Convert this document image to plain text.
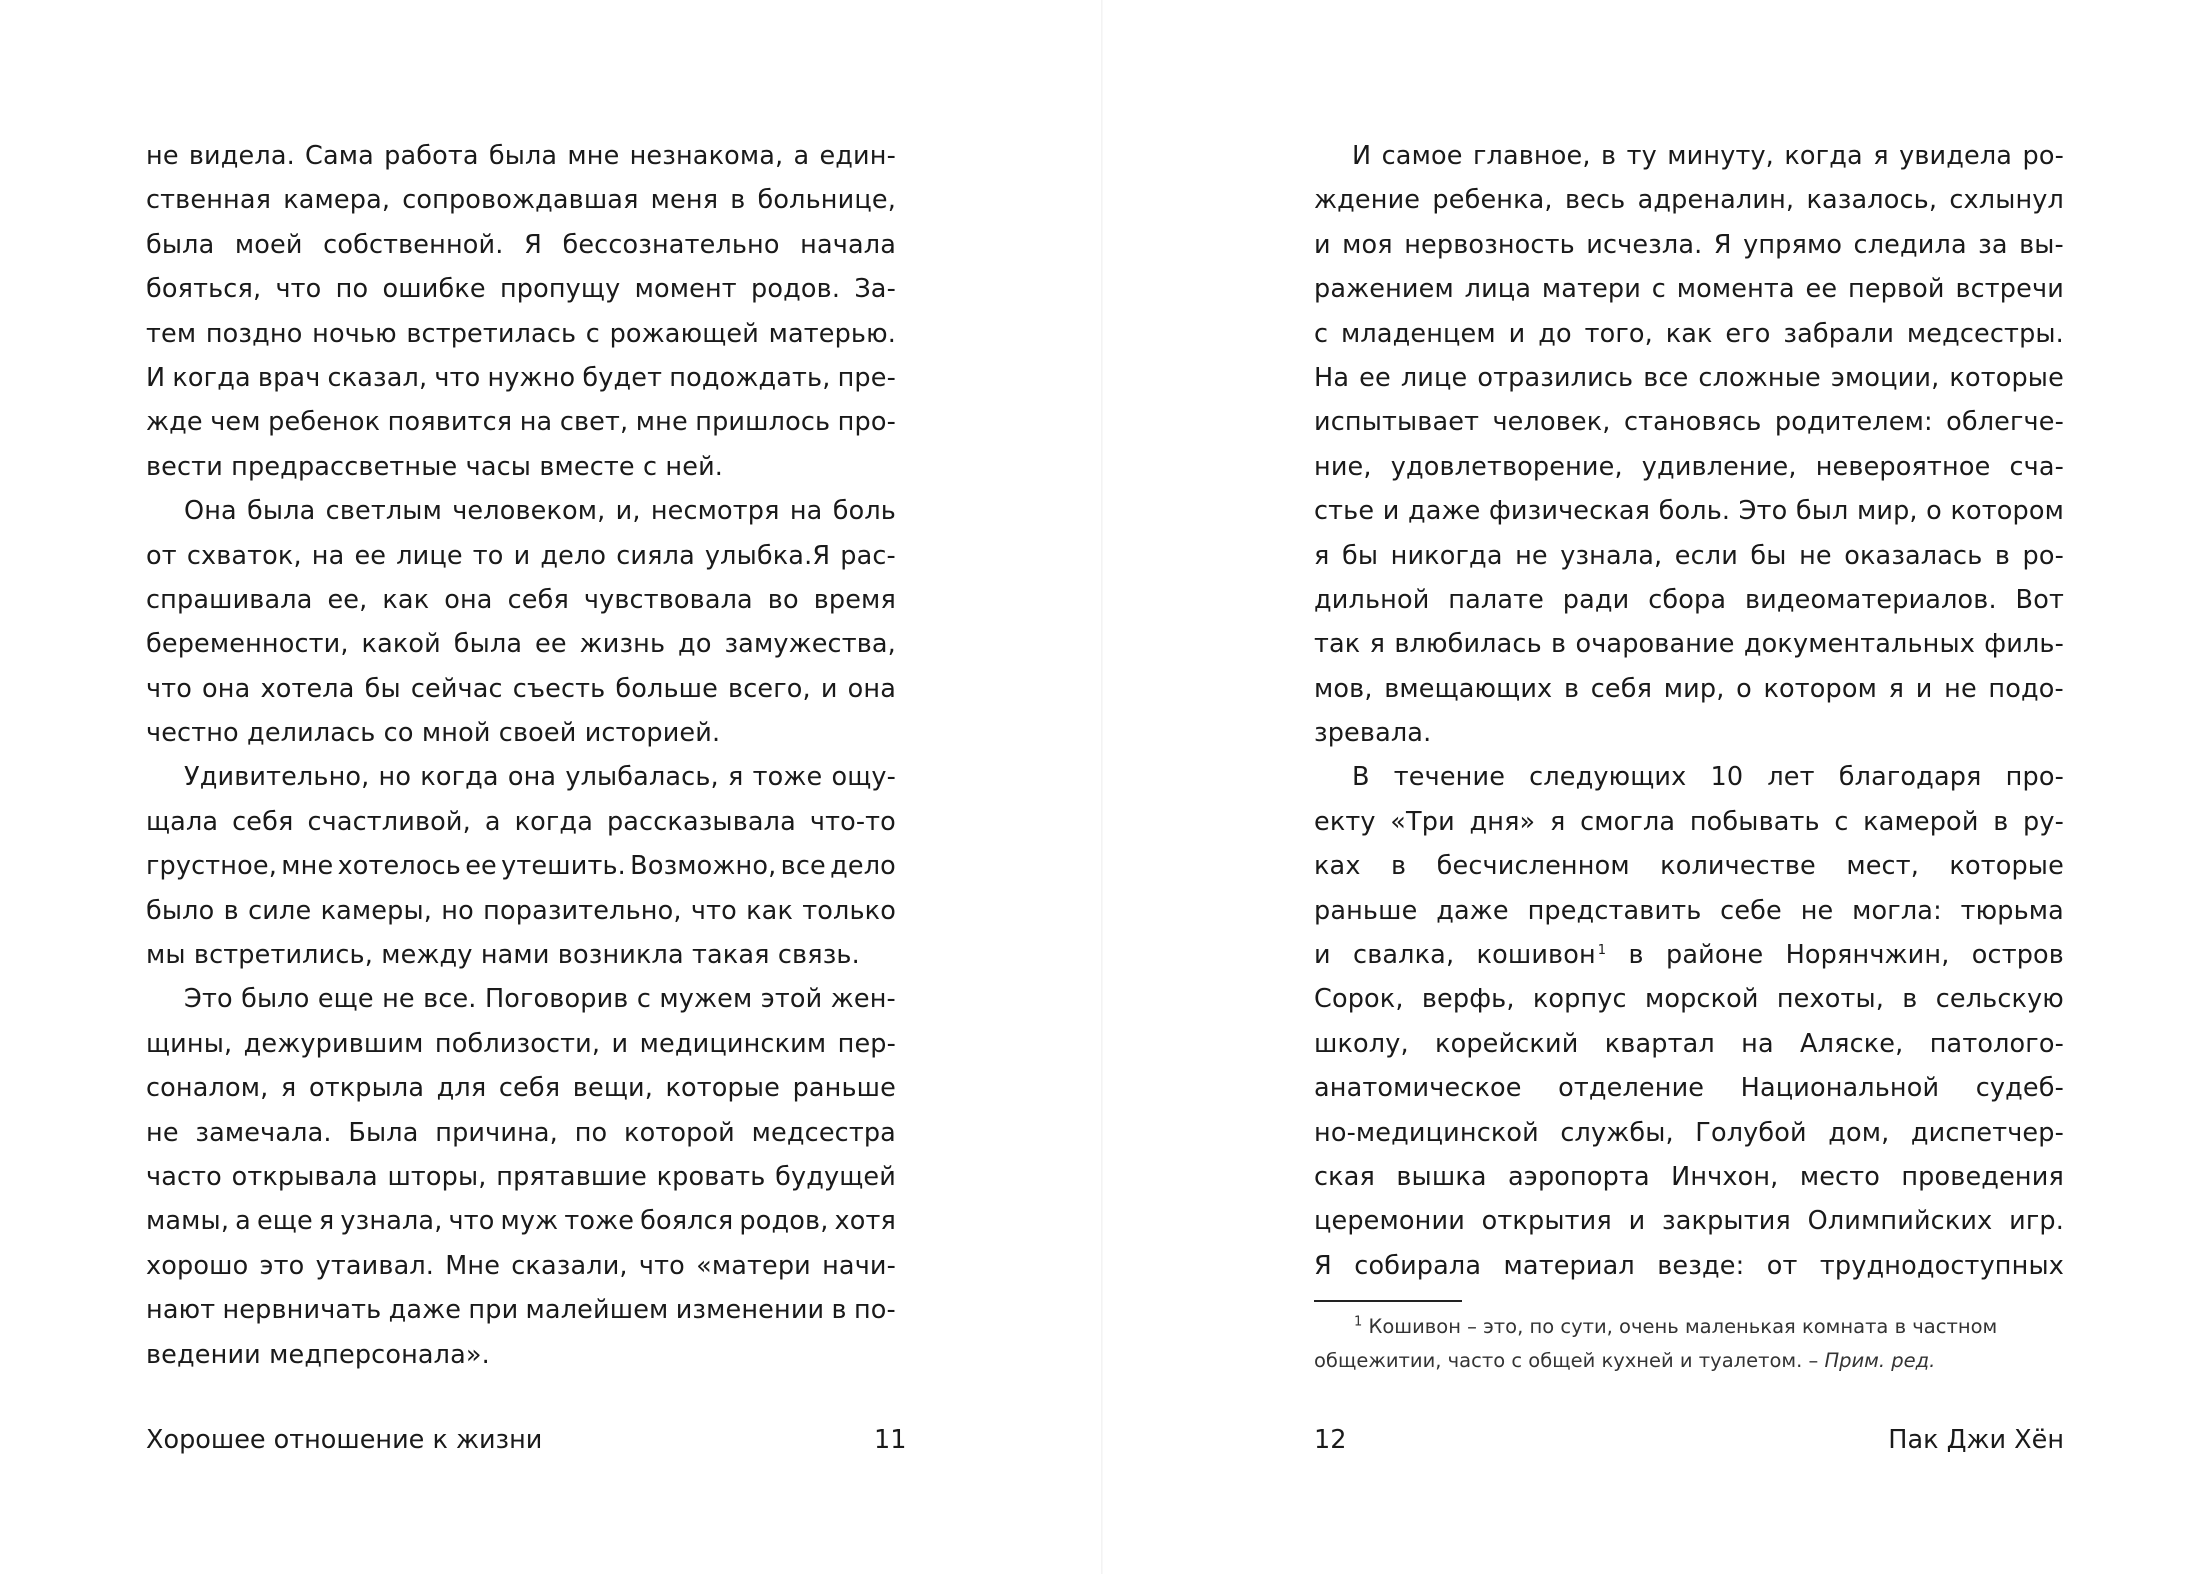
не видела. Сама работа была мне незнакома, а един-
ственная камера, сопровождавшая меня в больнице,
была моей собственной. Я бессознательно начала
бояться, что по ошибке пропущу момент родов. За-
тем поздно ночью встретилась с рожающей матерью.
И когда врач сказал, что нужно будет подождать, пре-
жде чем ребенок появится на свет, мне пришлось про-
вести предрассветные часы вместе с ней.
Она была светлым человеком, и, несмотря на боль
от схваток, на ее лице то и дело сияла улыбка.Я рас-
спрашивала ее, как она себя чувствовала во время
беременности, какой была ее жизнь до замужества,
что она хотела бы сейчас съесть больше всего, и она
честно делилась со мной своей историей.
Удивительно, но когда она улыбалась, я тоже ощу-
щала себя счастливой, а когда рассказывала что-то
грустное, мне хотелось ее утешить. Возможно, все дело
было в силе камеры, но поразительно, что как только
мы встретились, между нами возникла такая связь.
Это было еще не все. Поговорив с мужем этой жен-
щины, дежурившим поблизости, и медицинским пер-
соналом, я открыла для себя вещи, которые раньше
не замечала. Была причина, по которой медсестра
часто открывала шторы, прятавшие кровать будущей
мамы, а еще я узнала, что муж тоже боялся родов, хотя
хорошо это утаивал. Мне сказали, что «матери начи-
нают нервничать даже при малейшем изменении в по-
ведении медперсонала».
Хорошее отношение к жизни	11
И самое главное, в ту минуту, когда я увидела ро-
ждение ребенка, весь адреналин, казалось, схлынул
и моя нервозность исчезла. Я упрямо следила за вы-
ражением лица матери с момента ее первой встречи
с младенцем и до того, как его забрали медсестры.
На ее лице отразились все сложные эмоции, которые
испытывает человек, становясь родителем: облегче-
ние, удовлетворение, удивление, невероятное сча-
стье и даже физическая боль. Это был мир, о котором
я бы никогда не узнала, если бы не оказалась в ро-
дильной палате ради сбора видеоматериалов. Вот
так я влюбилась в очарование документальных филь-
мов, вмещающих в себя мир, о котором я и не подо-
зревала.
В течение следующих 10 лет благодаря про-
екту «Три дня» я смогла побывать с камерой в ру-
ках в бесчисленном количестве мест, которые
раньше даже представить себе не могла: тюрьма
и свалка, кошивон $^1$ в районе Норянчжин, остров
Сорок, верфь, корпус морской пехоты, в сельскую
школу, корейский квартал на Аляске, патолого-
анатомическое отделение Национальной судеб-
но-медицинской службы, Голубой дом, диспетчер-
ская вышка аэропорта Инчхон, место проведения
церемонии открытия и закрытия Олимпийских игр.
Я собирала материал везде: от труднодоступных
$^1$ Кошивон – это, по сути, очень маленькая комната в частном
общежитии, часто с общей кухней и туалетом. – Прим. ред.
12	Пак Джи Хён
